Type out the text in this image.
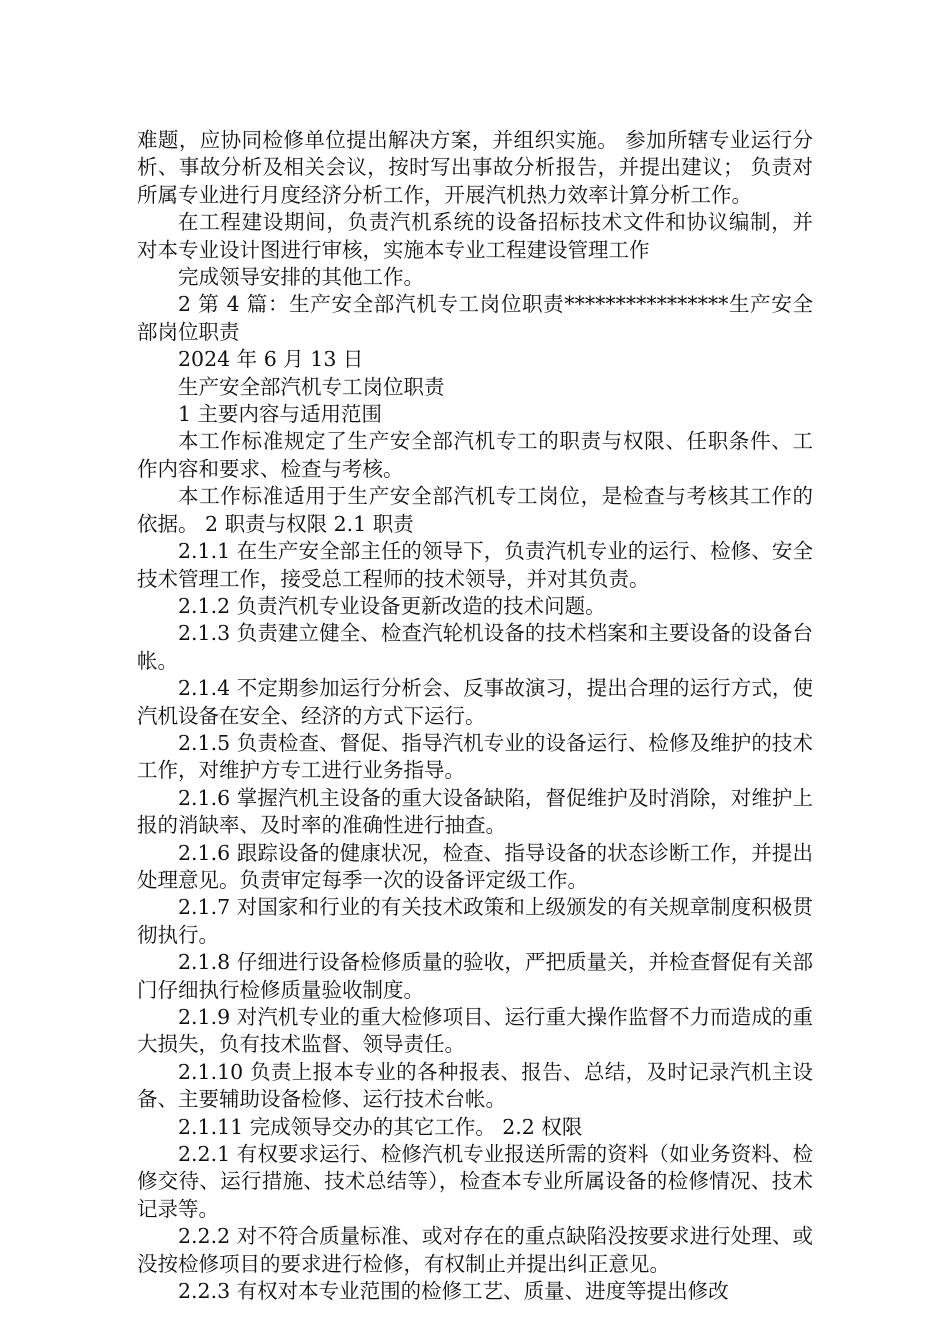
难题，应协同检修单位提出解决方案，并组织实施。 参加所辖专业运行分析、事故分析及相关会议，按时写出事故分析报告，并提出建议； 负责对所属专业进行月度经济分析工作，开展汽机热力效率计算分析工作。

在工程建设期间，负责汽机系统的设备招标技术文件和协议编制，并对本专业设计图进行审核，实施本专业工程建设管理工作

完成领导安排的其他工作。

2 第 4 篇：生产安全部汽机专工岗位职责****************生产安全部岗位职责

2024 年 6 月 13 日

生产安全部汽机专工岗位职责

1 主要内容与适用范围

本工作标准规定了生产安全部汽机专工的职责与权限、任职条件、工作内容和要求、检查与考核。

本工作标准适用于生产安全部汽机专工岗位，是检查与考核其工作的依据。 2 职责与权限 2.1 职责

2.1.1 在生产安全部主任的领导下，负责汽机专业的运行、检修、安全技术管理工作，接受总工程师的技术领导，并对其负责。

2.1.2 负责汽机专业设备更新改造的技术问题。

2.1.3 负责建立健全、检查汽轮机设备的技术档案和主要设备的设备台帐。

2.1.4 不定期参加运行分析会、反事故演习，提出合理的运行方式，使汽机设备在安全、经济的方式下运行。

2.1.5 负责检查、督促、指导汽机专业的设备运行、检修及维护的技术工作，对维护方专工进行业务指导。

2.1.6 掌握汽机主设备的重大设备缺陷，督促维护及时消除，对维护上报的消缺率、及时率的准确性进行抽查。

2.1.6 跟踪设备的健康状况，检查、指导设备的状态诊断工作，并提出处理意见。负责审定每季一次的设备评定级工作。

2.1.7 对国家和行业的有关技术政策和上级颁发的有关规章制度积极贯彻执行。

2.1.8 仔细进行设备检修质量的验收，严把质量关，并检查督促有关部门仔细执行检修质量验收制度。

2.1.9 对汽机专业的重大检修项目、运行重大操作监督不力而造成的重大损失，负有技术监督、领导责任。

2.1.10 负责上报本专业的各种报表、报告、总结，及时记录汽机主设备、主要辅助设备检修、运行技术台帐。

2.1.11 完成领导交办的其它工作。 2.2 权限

2.2.1 有权要求运行、检修汽机专业报送所需的资料（如业务资料、检修交待、运行措施、技术总结等），检查本专业所属设备的检修情况、技术记录等。

2.2.2 对不符合质量标准、或对存在的重点缺陷没按要求进行处理、或没按检修项目的要求进行检修，有权制止并提出纠正意见。

2.2.3 有权对本专业范围的检修工艺、质量、进度等提出修改
